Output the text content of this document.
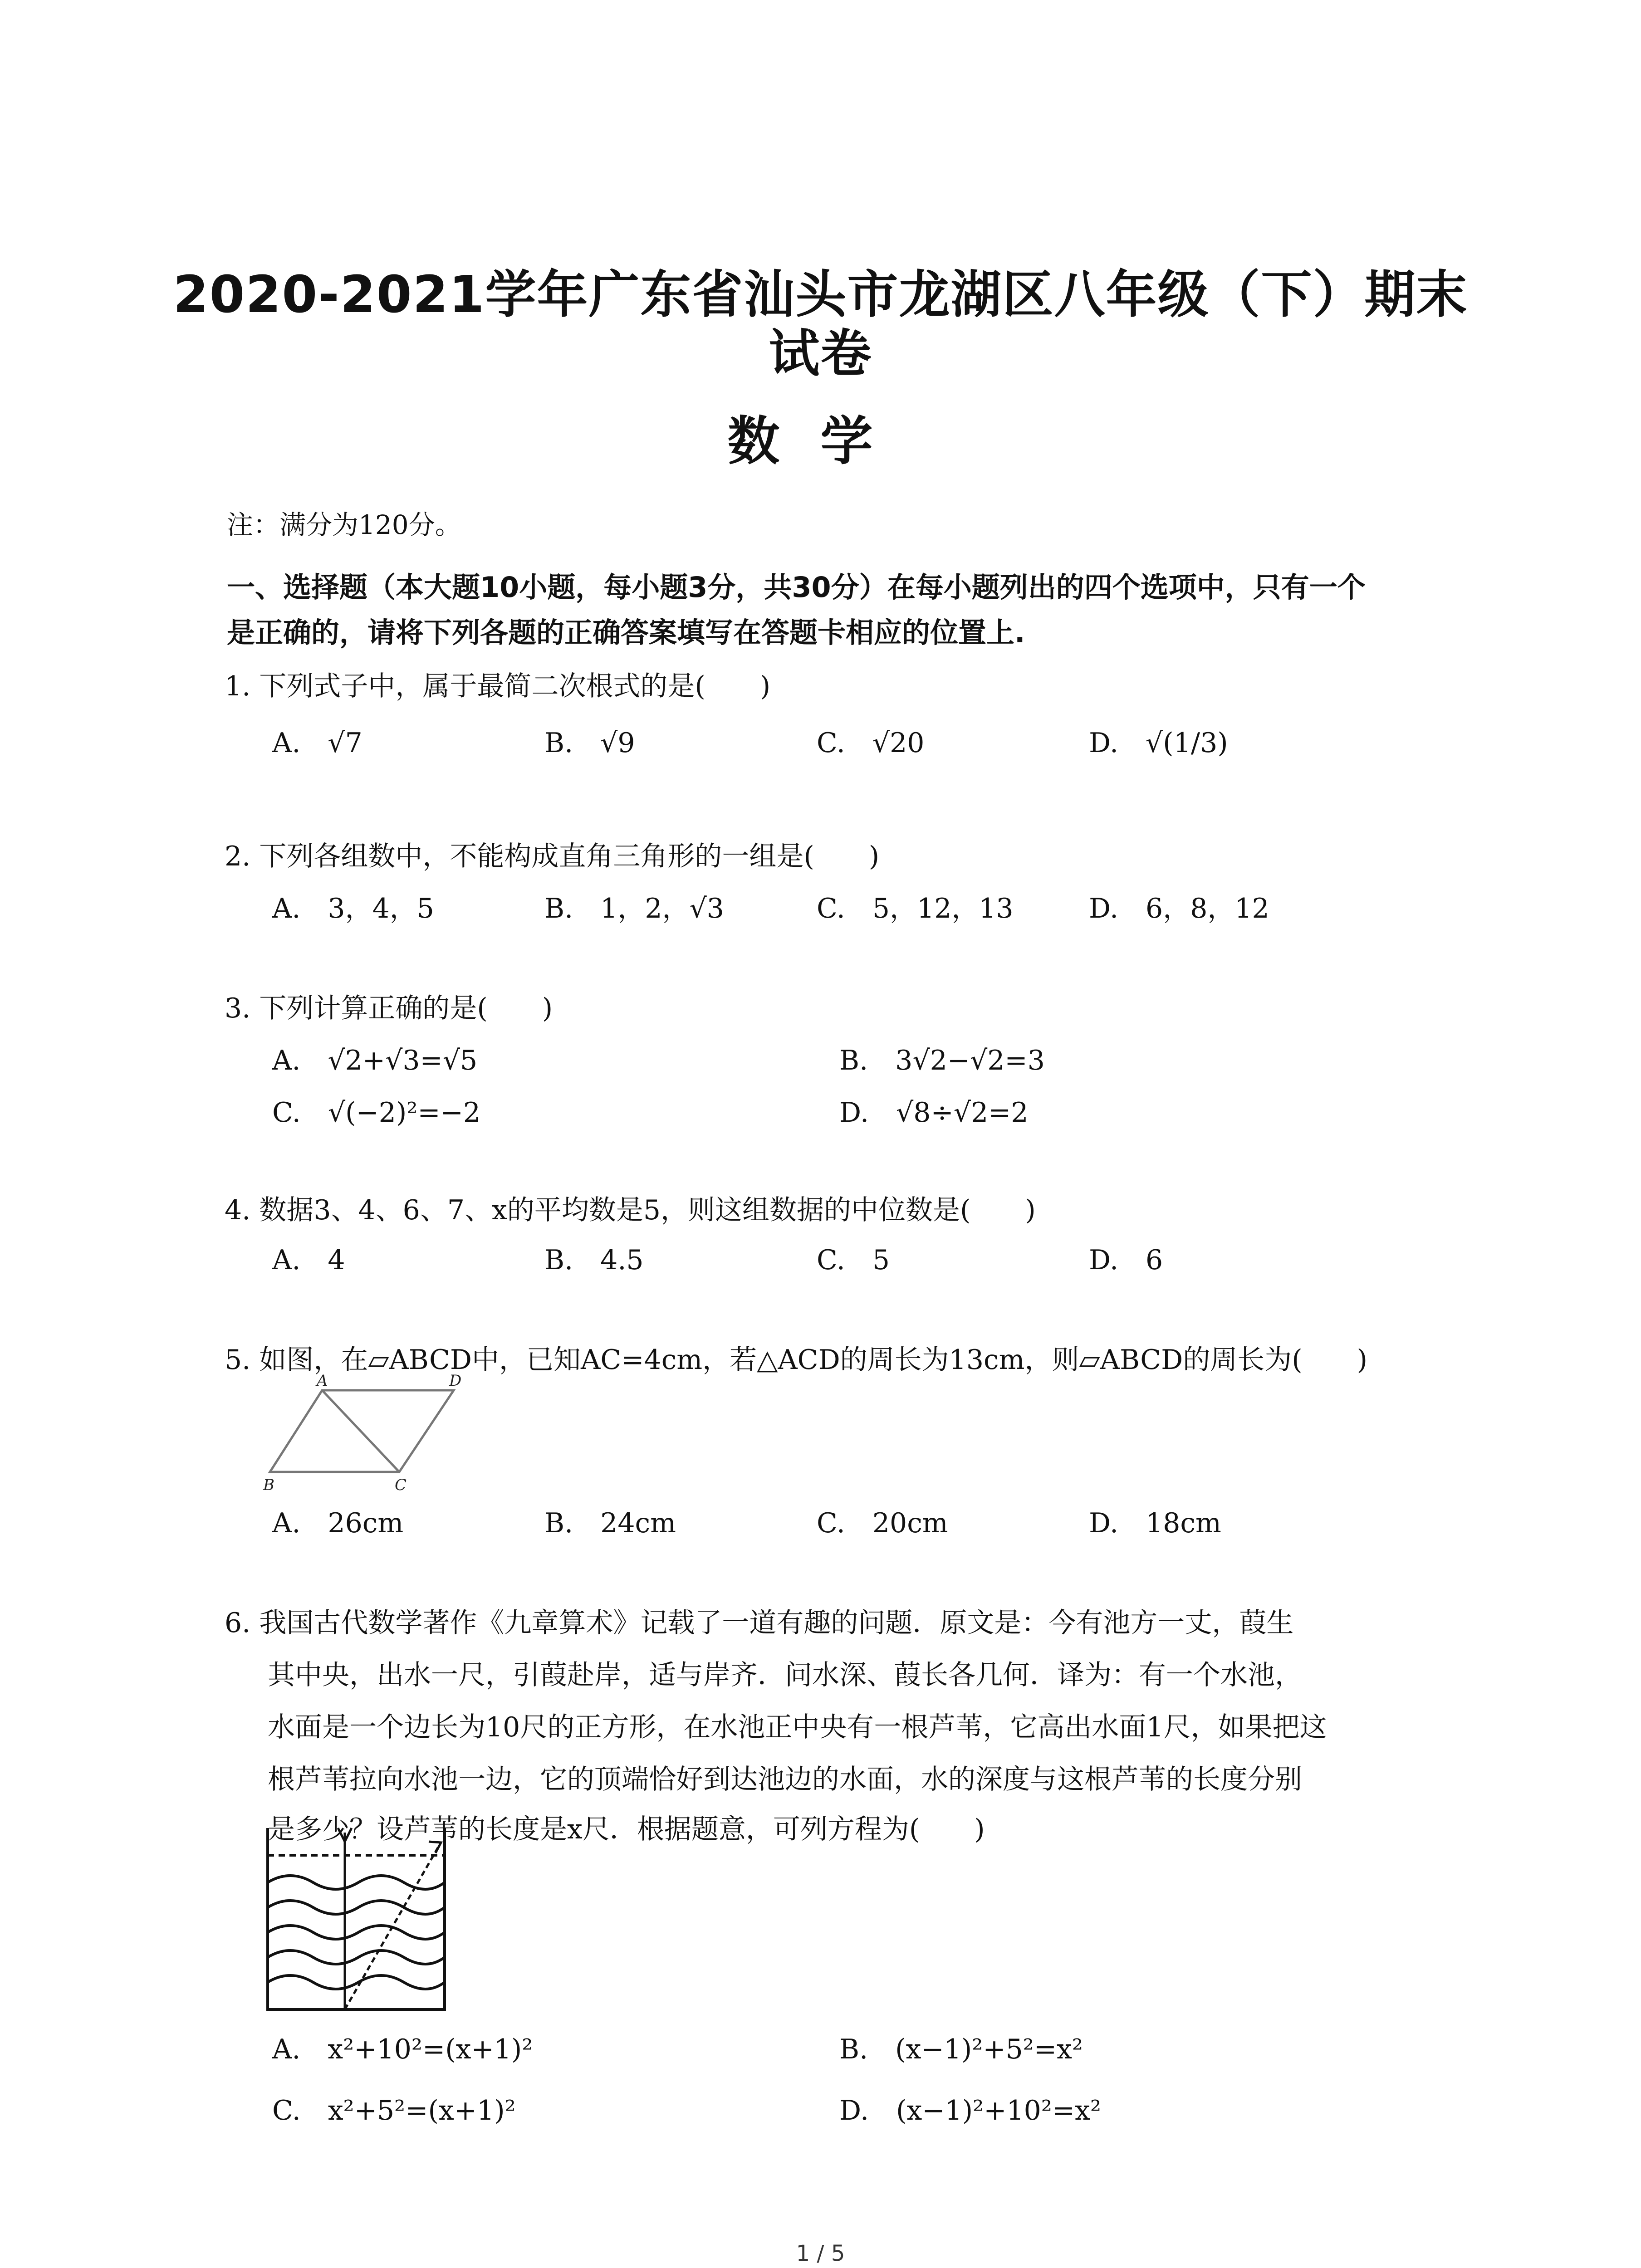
2020-2021学年广东省汕头市龙湖区八年级（下）期末
试卷
数学
注：满分为120分。
一、选择题（本大题10小题，每小题3分，共30分）在每小题列出的四个选项中，只有一个
是正确的，请将下列各题的正确答案填写在答题卡相应的位置上.
1. 下列式子中，属于最简二次根式的是(　　)
A.　√7	B.　√9	C.　√20	D.　√(1/3)
2. 下列各组数中，不能构成直角三角形的一组是(　　)
A.　3，4，5	B.　1，2，√3	C.　5，12，13	D.　6，8，12
3. 下列计算正确的是(　　)
A.　√2+√3=√5	B.　3√2−√2=3
C.　√(−2)²=−2	D.　√8÷√2=2
4. 数据3、4、6、7、x的平均数是5，则这组数据的中位数是(　　)
A.　4	B.　4.5	C.　5	D.　6
5. 如图，在▱ABCD中，已知AC=4cm，若△ACD的周长为13cm，则▱ABCD的周长为(　　)
A	D
B	C
A.　26cm	B.　24cm	C.　20cm	D.　18cm
6. 我国古代数学著作《九章算术》记载了一道有趣的问题．原文是：今有池方一丈，葭生
其中央，出水一尺，引葭赴岸，适与岸齐．问水深、葭长各几何．译为：有一个水池，
水面是一个边长为10尺的正方形，在水池正中央有一根芦苇，它高出水面1尺，如果把这
根芦苇拉向水池一边，它的顶端恰好到达池边的水面，水的深度与这根芦苇的长度分别
是多少？设芦苇的长度是x尺．根据题意，可列方程为(　　)
A.　x²+10²=(x+1)²	B.　(x−1)²+5²=x²
C.　x²+5²=(x+1)²	D.　(x−1)²+10²=x²
1 / 5
